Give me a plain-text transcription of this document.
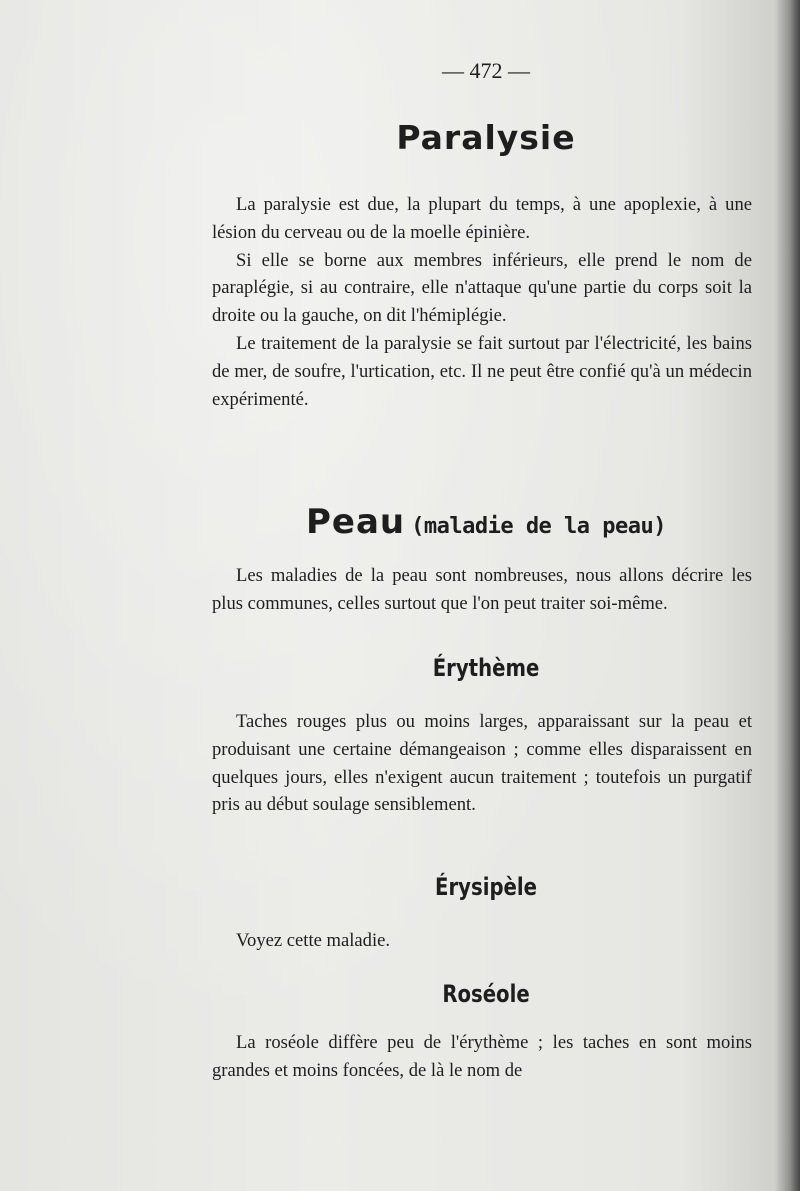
— 472 —
Paralysie

La paralysie est due, la plupart du temps, à une apoplexie, à une lésion du cerveau ou de la moelle épinière.

Si elle se borne aux membres inférieurs, elle prend le nom de paraplégie, si au contraire, elle n'attaque qu'une partie du corps soit la droite ou la gauche, on dit l'hémiplégie.

Le traitement de la paralysie se fait surtout par l'électricité, les bains de mer, de soufre, l'urtication, etc. Il ne peut être confié qu'à un médecin expérimenté.

Peau (maladie de la peau)

Les maladies de la peau sont nombreuses, nous allons décrire les plus communes, celles surtout que l'on peut traiter soi-même.

Érythème

Taches rouges plus ou moins larges, apparaissant sur la peau et produisant une certaine démangeaison ; comme elles disparaissent en quelques jours, elles n'exigent aucun traitement ; toutefois un purgatif pris au début soulage sensiblement.

Érysipèle

Voyez cette maladie.

Roséole

La roséole diffère peu de l'érythème ; les taches en sont moins grandes et moins foncées, de là le nom de
